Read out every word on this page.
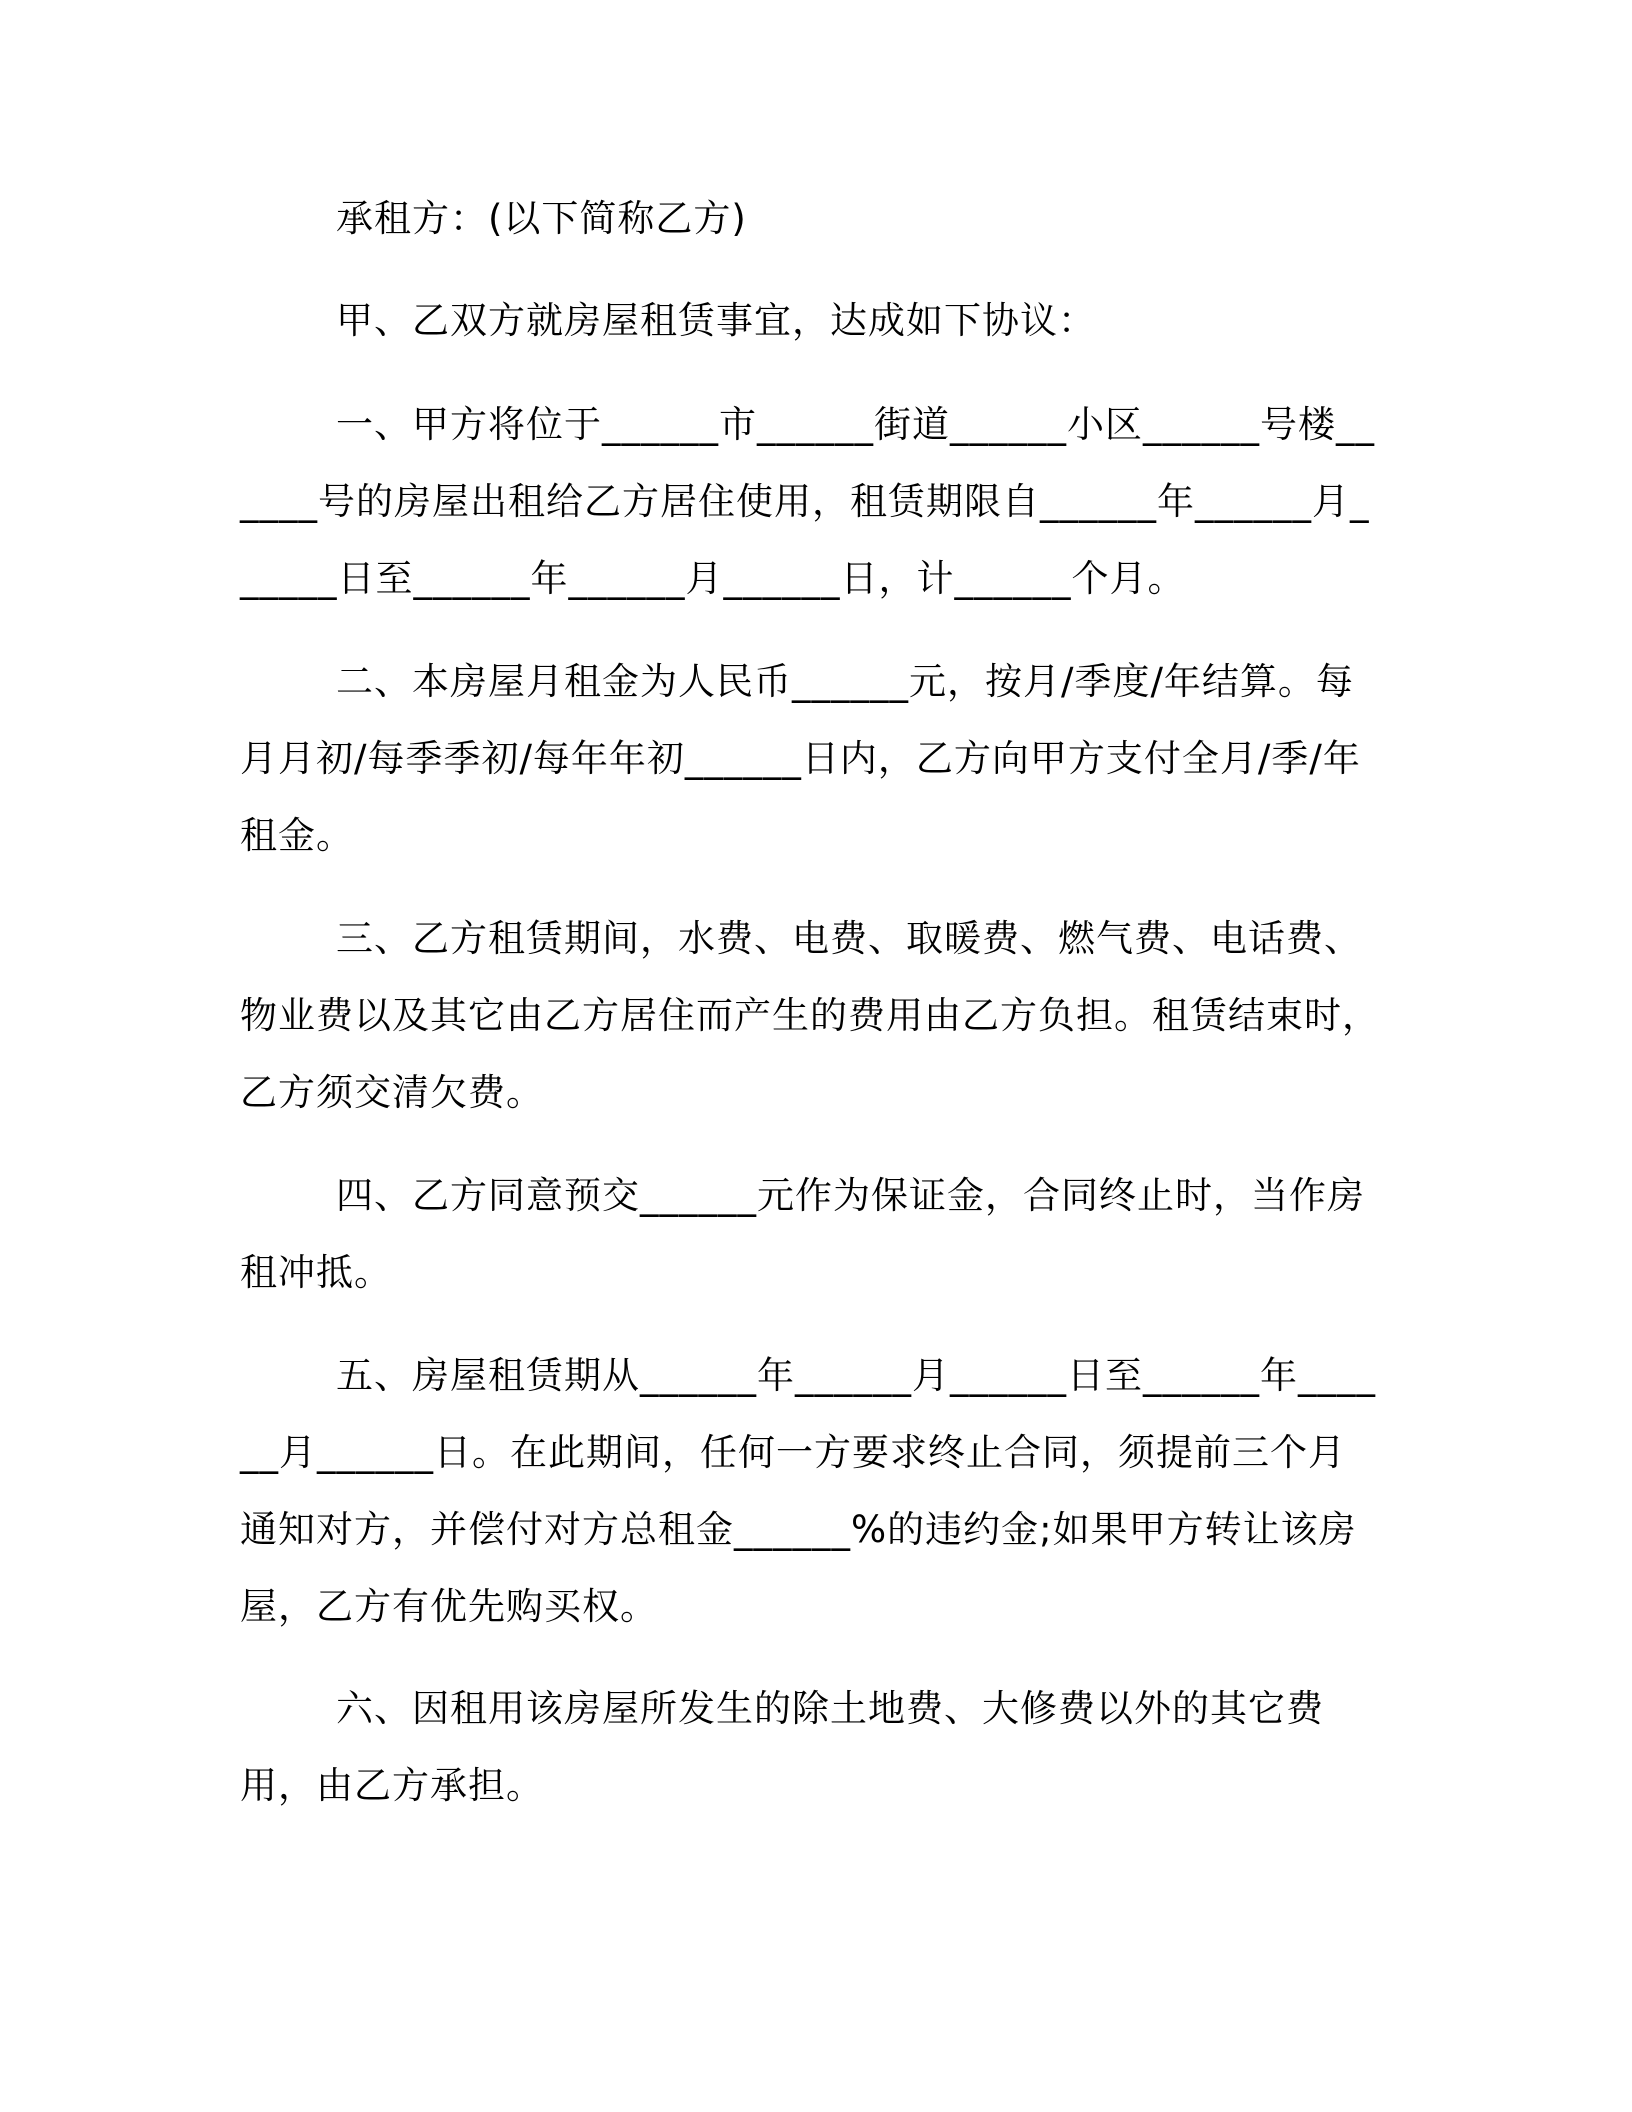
承租方：(以下简称乙方)
甲、乙双方就房屋租赁事宜，达成如下协议：
一、甲方将位于______市______街道______小区______号楼______号的房屋出租给乙方居住使用，租赁期限自______年______月______日至______年______月______日，计______个月。
二、本房屋月租金为人民币______元，按月/季度/年结算。每月月初/每季季初/每年年初______日内，乙方向甲方支付全月/季/年租金。
三、乙方租赁期间，水费、电费、取暖费、燃气费、电话费、物业费以及其它由乙方居住而产生的费用由乙方负担。租赁结束时，乙方须交清欠费。
四、乙方同意预交______元作为保证金，合同终止时，当作房租冲抵。
五、房屋租赁期从______年______月______日至______年______月______日。在此期间，任何一方要求终止合同，须提前三个月通知对方，并偿付对方总租金______%的违约金;如果甲方转让该房屋，乙方有优先购买权。
六、因租用该房屋所发生的除土地费、大修费以外的其它费用，由乙方承担。
